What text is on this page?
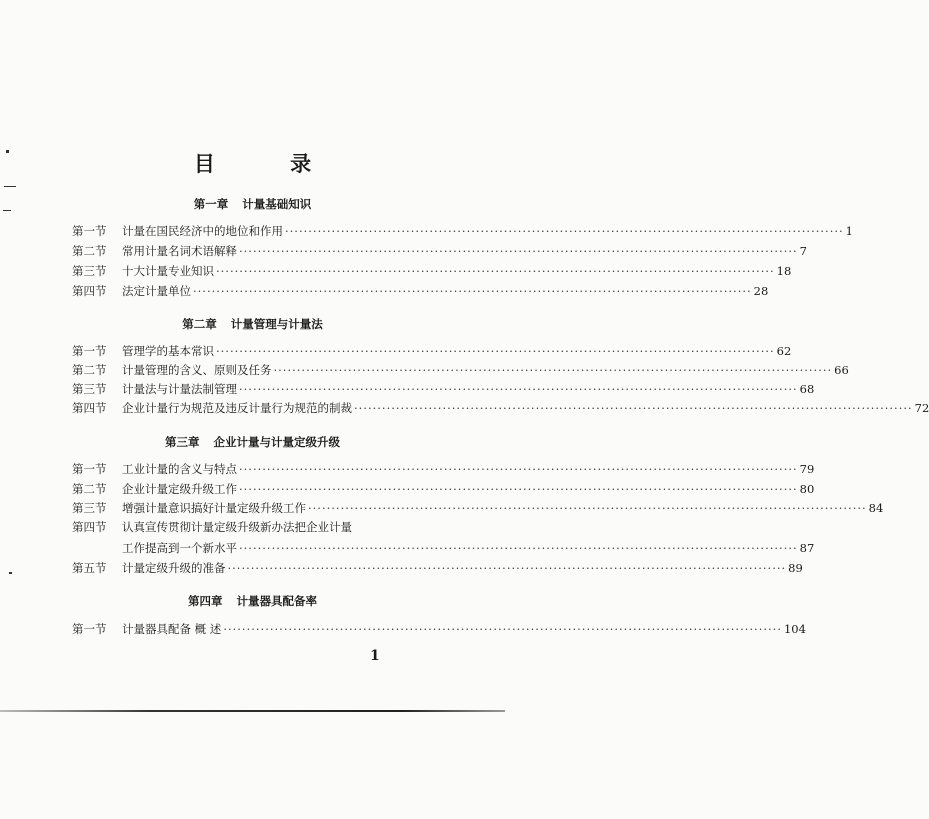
目 录
第一章 计量基础知识
第一节	计量在国民经济中的地位和作用 ························································································································ 1
第二节	常用计量名词术语解释 ························································································································ 7
第三节	十大计量专业知识 ························································································································ 18
第四节	法定计量单位 ························································································································ 28
第二章 计量管理与计量法
第一节	管理学的基本常识 ························································································································ 62
第二节	计量管理的含义、原则及任务 ························································································································ 66
第三节	计量法与计量法制管理 ························································································································ 68
第四节	企业计量行为规范及违反计量行为规范的制裁 ························································································································ 72
第三章 企业计量与计量定级升级
第一节	工业计量的含义与特点 ························································································································ 79
第二节	企业计量定级升级工作 ························································································································ 80
第三节	增强计量意识搞好计量定级升级工作 ························································································································ 84
第四节	认真宣传贯彻计量定级升级新办法把企业计量
工作提高到一个新水平 ························································································································ 87
第五节	计量定级升级的准备 ························································································································ 89
第四章 计量器具配备率
第一节	计量器具配备 概 述 ························································································································ 104
1
